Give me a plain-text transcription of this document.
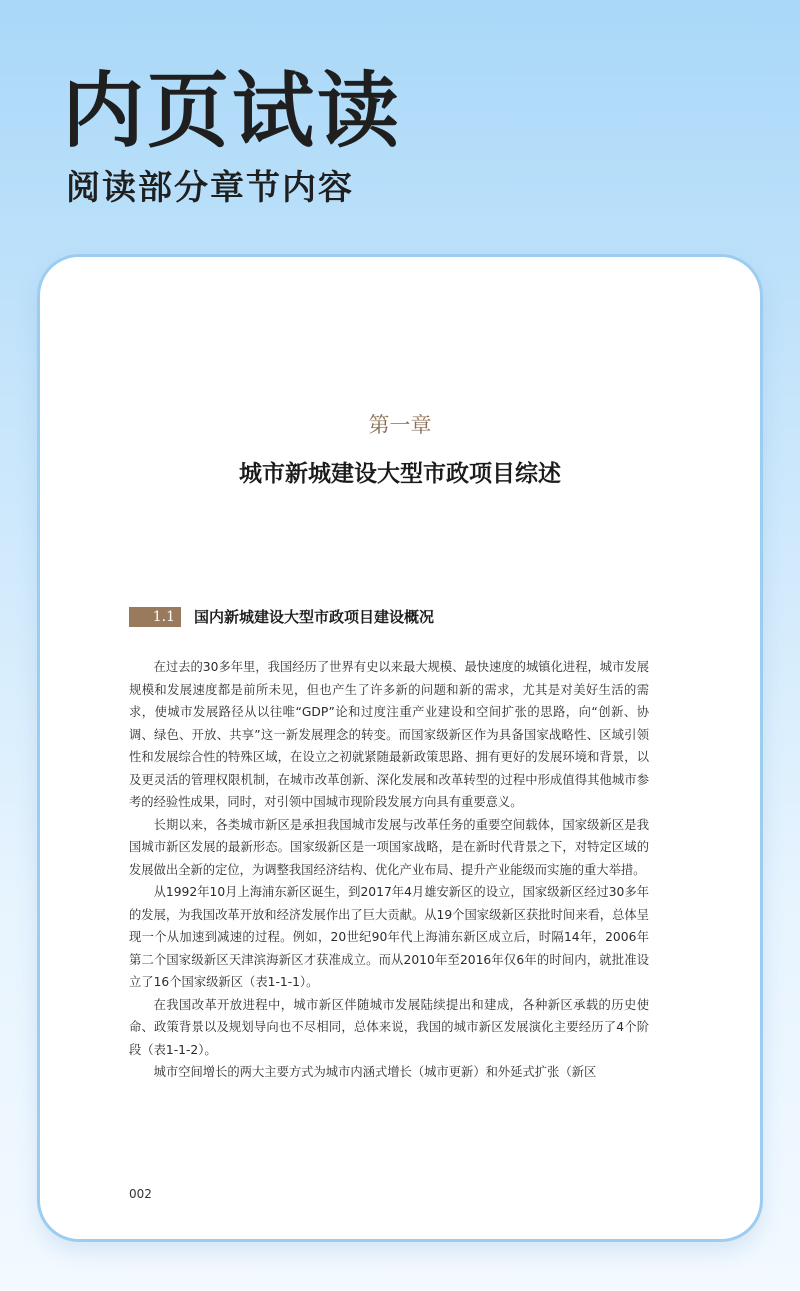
内页试读
阅读部分章节内容
第一章
城市新城建设大型市政项目综述
1.1	国内新城建设大型市政项目建设概况

在过去的30多年里，我国经历了世界有史以来最大规模、最快速度的城镇化进程，城市发展规模和发展速度都是前所未见，但也产生了许多新的问题和新的需求，尤其是对美好生活的需求，使城市发展路径从以往唯“GDP”论和过度注重产业建设和空间扩张的思路，向“创新、协调、绿色、开放、共享”这一新发展理念的转变。而国家级新区作为具备国家战略性、区域引领性和发展综合性的特殊区域，在设立之初就紧随最新政策思路、拥有更好的发展环境和背景，以及更灵活的管理权限机制，在城市改革创新、深化发展和改革转型的过程中形成值得其他城市参考的经验性成果，同时，对引领中国城市现阶段发展方向具有重要意义。

长期以来，各类城市新区是承担我国城市发展与改革任务的重要空间载体，国家级新区是我国城市新区发展的最新形态。国家级新区是一项国家战略，是在新时代背景之下，对特定区域的发展做出全新的定位，为调整我国经济结构、优化产业布局、提升产业能级而实施的重大举措。

从1992年10月上海浦东新区诞生，到2017年4月雄安新区的设立，国家级新区经过30多年的发展，为我国改革开放和经济发展作出了巨大贡献。从19个国家级新区获批时间来看，总体呈现一个从加速到减速的过程。例如，20世纪90年代上海浦东新区成立后，时隔14年，2006年第二个国家级新区天津滨海新区才获准成立。而从2010年至2016年仅6年的时间内，就批准设立了16个国家级新区（表1-1-1）。

在我国改革开放进程中，城市新区伴随城市发展陆续提出和建成，各种新区承载的历史使命、政策背景以及规划导向也不尽相同，总体来说，我国的城市新区发展演化主要经历了4个阶段（表1-1-2）。

城市空间增长的两大主要方式为城市内涵式增长（城市更新）和外延式扩张（新区

002
